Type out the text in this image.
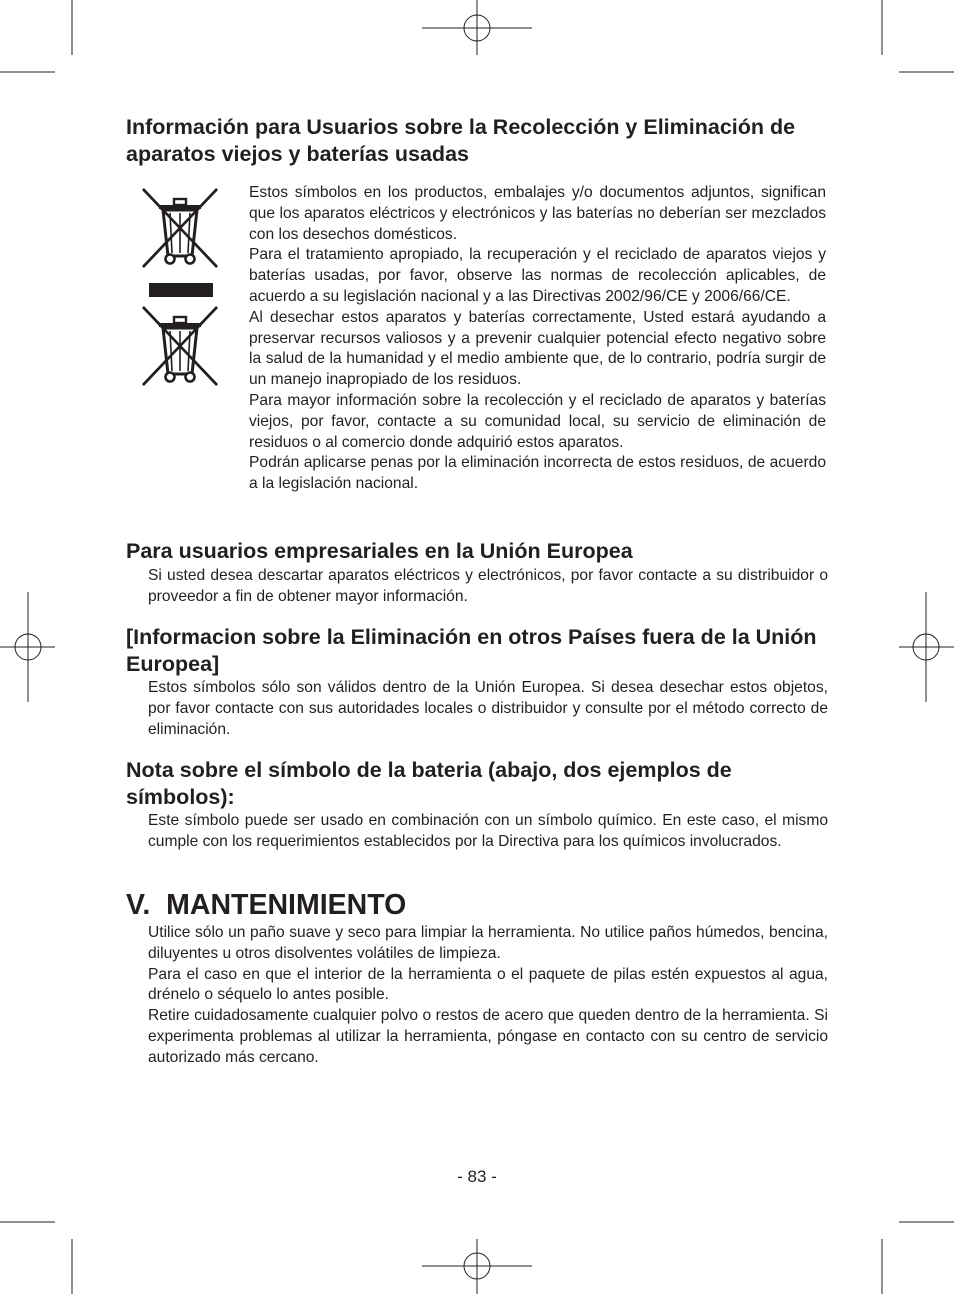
Información para Usuarios sobre la Recolección y Eliminación de aparatos viejos y baterías usadas

Estos símbolos en los productos, embalajes y/o documentos adjuntos, significan que los aparatos eléctricos y electrónicos y las baterías no deberían ser mezclados con los desechos domésticos.

Para el tratamiento apropiado, la recuperación y el reciclado de aparatos viejos y baterías usadas, por favor, observe las normas de recolección aplicables, de acuerdo a su legislación nacional y a las Directivas 2002/96/CE y 2006/66/CE.

Al desechar estos aparatos y baterías correctamente, Usted estará ayudando a preservar recursos valiosos y a prevenir cualquier potencial efecto negativo sobre la salud de la humanidad y el medio ambiente que, de lo contrario, podría surgir de un manejo inapropiado de los residuos.

Para mayor información sobre la recolección y el reciclado de aparatos y baterías viejos, por favor, contacte a su comunidad local, su servicio de eliminación de residuos o al comercio donde adquirió estos aparatos.

Podrán aplicarse penas por la eliminación incorrecta de estos residuos, de acuerdo a la legislación nacional.

Para usuarios empresariales en la Unión Europea

Si usted desea descartar aparatos eléctricos y electrónicos, por favor contacte a su distribuidor o proveedor a fin de obtener mayor información.

[Informacion sobre la Eliminación en otros Países fuera de la Unión Europea]

Estos símbolos sólo son válidos dentro de la Unión Europea. Si desea desechar estos objetos, por favor contacte con sus autoridades locales o distribuidor y consulte por el método correcto de eliminación.

Nota sobre el símbolo de la bateria (abajo, dos ejemplos de símbolos):

Este símbolo puede ser usado en combinación con un símbolo químico. En este caso, el mismo cumple con los requerimientos establecidos por la Directiva para los químicos involucrados.

V.  MANTENIMIENTO

Utilice sólo un paño suave y seco para limpiar la herramienta. No utilice paños húmedos, bencina, diluyentes u otros disolventes volátiles de limpieza.

Para el caso en que el interior de la herramienta o el paquete de pilas estén expuestos al agua, drénelo o séquelo lo antes posible.

Retire cuidadosamente cualquier polvo o restos de acero que queden dentro de la herramienta. Si experimenta problemas al utilizar la herramienta, póngase en contacto con su centro de servicio autorizado más cercano.

- 83 -
